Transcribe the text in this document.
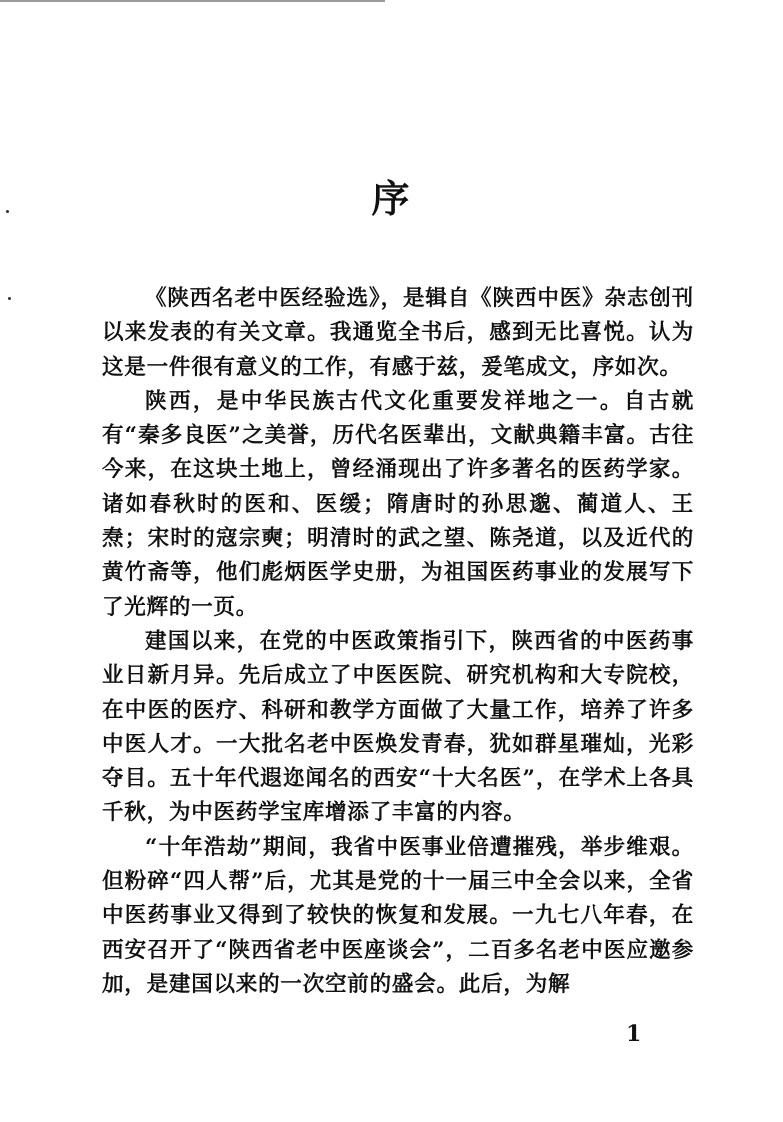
序

《陕西名老中医经验选》，是辑自《陕西中医》杂志创刊以来发表的有关文章。我通览全书后，感到无比喜悦。认为这是一件很有意义的工作，有感于兹，爰笔成文，序如次。

陕西，是中华民族古代文化重要发祥地之一。自古就有“秦多良医”之美誉，历代名医辈出，文献典籍丰富。古往今来，在这块土地上，曾经涌现出了许多著名的医药学家。诸如春秋时的医和、医缓；隋唐时的孙思邈、蔺道人、王焘；宋时的寇宗奭；明清时的武之望、陈尧道，以及近代的黄竹斋等，他们彪炳医学史册，为祖国医药事业的发展写下了光辉的一页。

建国以来，在党的中医政策指引下，陕西省的中医药事业日新月异。先后成立了中医医院、研究机构和大专院校，在中医的医疗、科研和教学方面做了大量工作，培养了许多中医人才。一大批名老中医焕发青春，犹如群星璀灿，光彩夺目。五十年代遐迩闻名的西安“十大名医”，在学术上各具千秋，为中医药学宝库增添了丰富的内容。

“十年浩劫”期间，我省中医事业倍遭摧残，举步维艰。但粉碎“四人帮”后，尤其是党的十一届三中全会以来，全省中医药事业又得到了较快的恢复和发展。一九七八年春，在西安召开了“陕西省老中医座谈会”，二百多名老中医应邀参加，是建国以来的一次空前的盛会。此后，为解

1
